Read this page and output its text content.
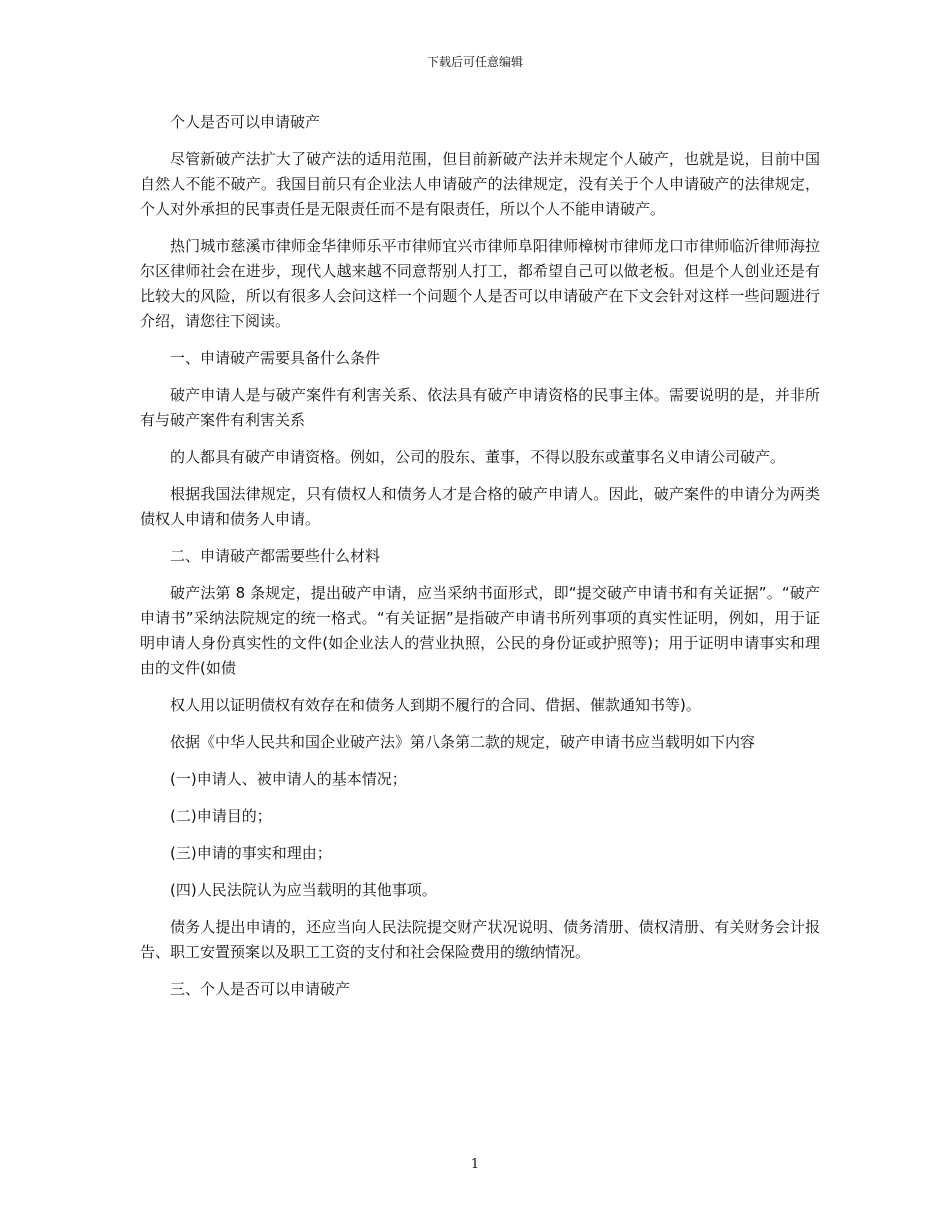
下载后可任意编辑

个人是否可以申请破产

尽管新破产法扩大了破产法的适用范围，但目前新破产法并未规定个人破产，也就是说，目前中国自然人不能不破产。我国目前只有企业法人申请破产的法律规定，没有关于个人申请破产的法律规定，个人对外承担的民事责任是无限责任而不是有限责任，所以个人不能申请破产。

热门城市慈溪市律师金华律师乐平市律师宜兴市律师阜阳律师樟树市律师龙口市律师临沂律师海拉尔区律师社会在进步，现代人越来越不同意帮别人打工，都希望自己可以做老板。但是个人创业还是有比较大的风险，所以有很多人会问这样一个问题个人是否可以申请破产在下文会针对这样一些问题进行介绍，请您往下阅读。

一、申请破产需要具备什么条件

破产申请人是与破产案件有利害关系、依法具有破产申请资格的民事主体。需要说明的是，并非所有与破产案件有利害关系

的人都具有破产申请资格。例如，公司的股东、董事，不得以股东或董事名义申请公司破产。

根据我国法律规定，只有债权人和债务人才是合格的破产申请人。因此，破产案件的申请分为两类债权人申请和债务人申请。

二、申请破产都需要些什么材料

破产法第 8 条规定，提出破产申请，应当采纳书面形式，即“提交破产申请书和有关证据”。“破产申请书”采纳法院规定的统一格式。“有关证据”是指破产申请书所列事项的真实性证明，例如，用于证明申请人身份真实性的文件(如企业法人的营业执照，公民的身份证或护照等)；用于证明申请事实和理由的文件(如债

权人用以证明债权有效存在和债务人到期不履行的合同、借据、催款通知书等)。

依据《中华人民共和国企业破产法》第八条第二款的规定，破产申请书应当载明如下内容

(一)申请人、被申请人的基本情况；

(二)申请目的；

(三)申请的事实和理由；

(四)人民法院认为应当载明的其他事项。

债务人提出申请的，还应当向人民法院提交财产状况说明、债务清册、债权清册、有关财务会计报告、职工安置预案以及职工工资的支付和社会保险费用的缴纳情况。

三、个人是否可以申请破产

1
